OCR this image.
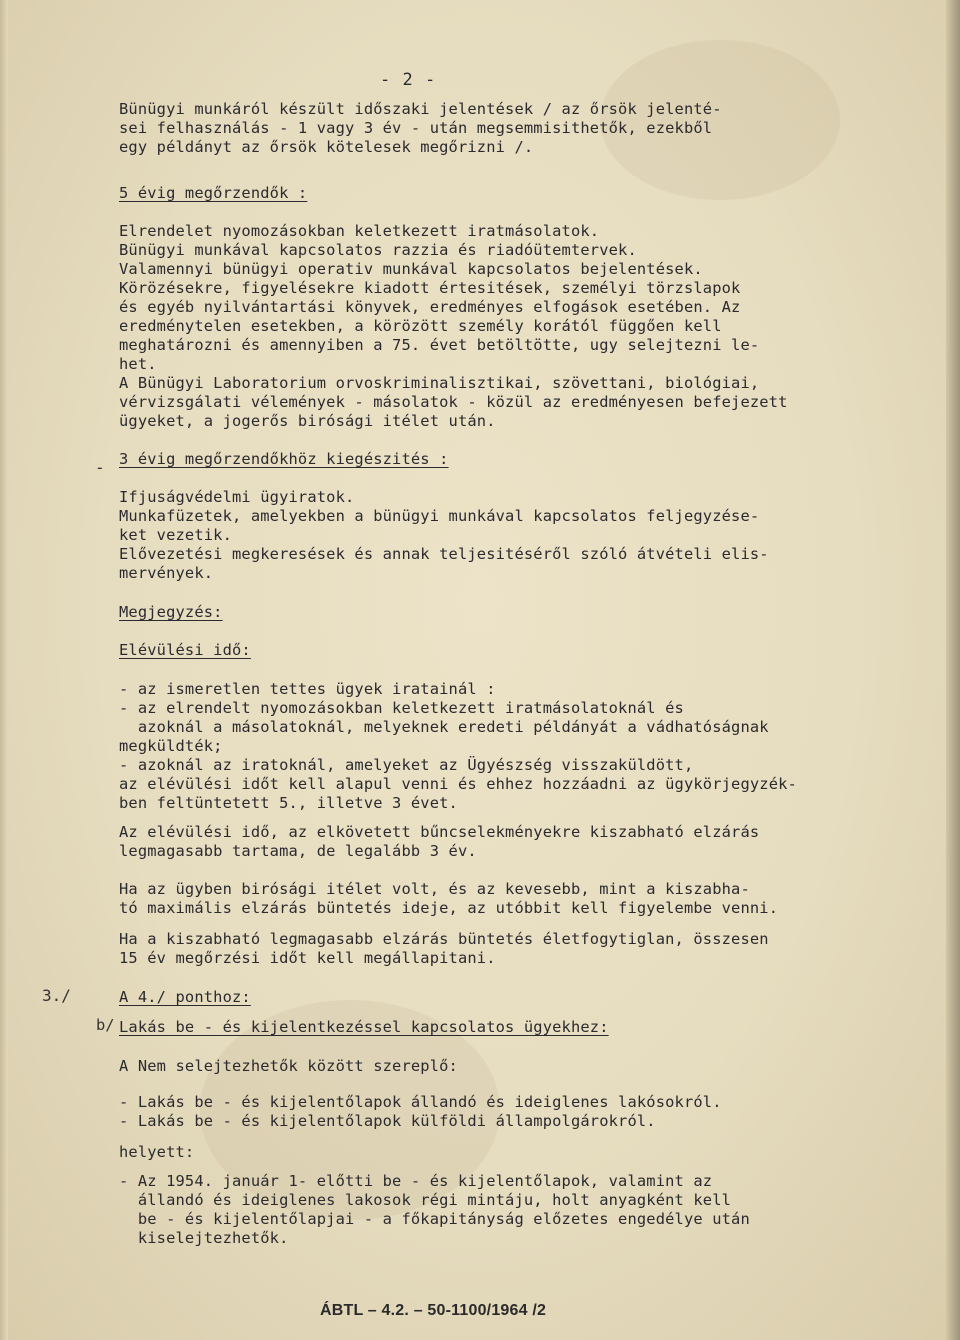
- 2 -
Bünügyi munkáról készült időszaki jelentések / az őrsök jelenté-
sei felhasználás - 1 vagy 3 év - után megsemmisithetők, ezekből
egy példányt az őrsök kötelesek megőrizni /.
5 évig megőrzendők :
Elrendelet nyomozásokban keletkezett iratmásolatok.
Bünügyi munkával kapcsolatos razzia és riadóütemtervek.
Valamennyi bünügyi operativ munkával kapcsolatos bejelentések.
Körözésekre, figyelésekre kiadott értesitések, személyi törzslapok
és egyéb nyilvántartási könyvek, eredményes elfogások esetében. Az
eredménytelen esetekben, a körözött személy korától függően kell
meghatározni és amennyiben a 75. évet betöltötte, ugy selejtezni le-
het.
A Bünügyi Laboratorium orvoskriminalisztikai, szövettani, biológiai,
vérvizsgálati vélemények - másolatok - közül az eredményesen befejezett
ügyeket, a jogerős birósági itélet után.
3 évig megőrzendőkhöz kiegészités :
Ifjuságvédelmi ügyiratok.
Munkafüzetek, amelyekben a bünügyi munkával kapcsolatos feljegyzése-
ket vezetik.
Elővezetési megkeresések és annak teljesitéséről szóló átvételi elis-
mervények.
Megjegyzés:
Elévülési idő:
- az ismeretlen tettes ügyek iratainál :
- az elrendelt nyomozásokban keletkezett iratmásolatoknál és
azoknál a másolatoknál, melyeknek eredeti példányát a vádhatóságnak
megküldték;
- azoknál az iratoknál, amelyeket az Ügyészség visszaküldött,
az elévülési időt kell alapul venni és ehhez hozzáadni az ügykörjegyzék-
ben feltüntetett 5., illetve 3 évet.
Az elévülési idő, az elkövetett bűncselekményekre kiszabható elzárás
legmagasabb tartama, de legalább 3 év.
Ha az ügyben birósági itélet volt, és az kevesebb, mint a kiszabha-
tó maximális elzárás büntetés ideje, az utóbbit kell figyelembe venni.
Ha a kiszabható legmagasabb elzárás büntetés életfogytiglan, összesen
15 év megőrzési időt kell megállapitani.
A 4./ ponthoz:
Lakás be - és kijelentkezéssel kapcsolatos ügyekhez:
A Nem selejtezhetők között szereplő:
- Lakás be - és kijelentőlapok állandó és ideiglenes lakósokról.
- Lakás be - és kijelentőlapok külföldi állampolgárokról.
helyett:
- Az 1954. január 1- előtti be - és kijelentőlapok, valamint az
állandó és ideiglenes lakosok régi mintáju, holt anyagként kell
be - és kijelentőlapjai - a főkapitányság előzetes engedélye után
kiselejtezhetők.
-
3./
b/
ÁBTL – 4.2. – 50-1100/1964 /2
